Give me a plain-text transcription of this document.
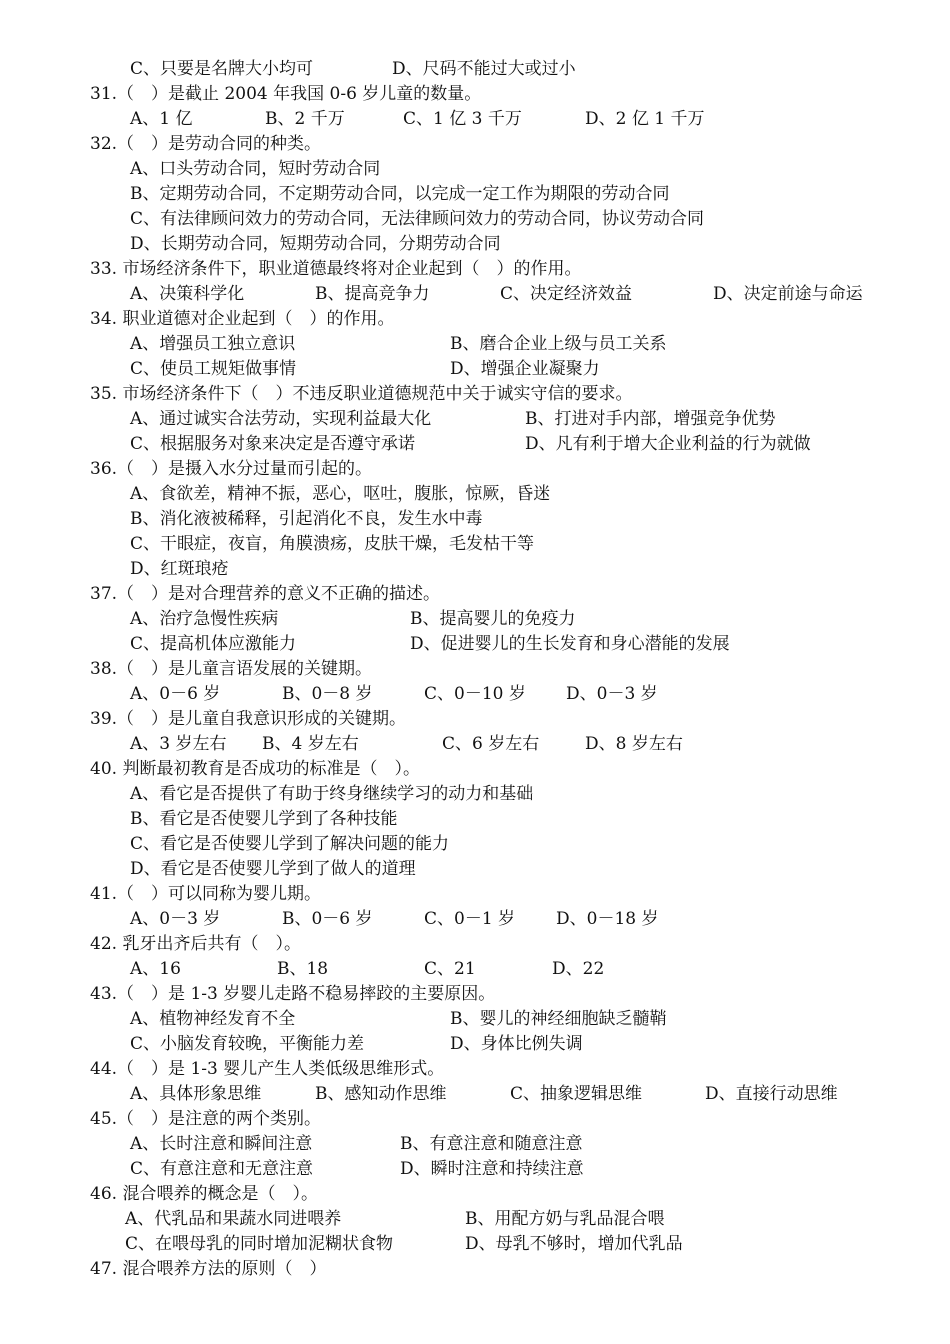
C、只要是名牌大小均可	D、尺码不能过大或过小
31.（　）是截止 2004 年我国 0-6 岁儿童的数量。
A、1 亿	B、2 千万	C、1 亿 3 千万	D、2 亿 1 千万
32.（　）是劳动合同的种类。
A、口头劳动合同，短时劳动合同
B、定期劳动合同，不定期劳动合同，以完成一定工作为期限的劳动合同
C、有法律顾问效力的劳动合同，无法律顾问效力的劳动合同，协议劳动合同
D、长期劳动合同，短期劳动合同，分期劳动合同
33. 市场经济条件下，职业道德最终将对企业起到（　）的作用。
A、决策科学化	B、提高竞争力	C、决定经济效益	D、决定前途与命运
34. 职业道德对企业起到（　）的作用。
A、增强员工独立意识	B、磨合企业上级与员工关系
C、使员工规矩做事情	D、增强企业凝聚力
35. 市场经济条件下（　）不违反职业道德规范中关于诚实守信的要求。
A、通过诚实合法劳动，实现利益最大化	B、打进对手内部，增强竞争优势
C、根据服务对象来决定是否遵守承诺	D、凡有利于增大企业利益的行为就做
36.（　）是摄入水分过量而引起的。
A、食欲差，精神不振，恶心，呕吐，腹胀，惊厥，昏迷
B、消化液被稀释，引起消化不良，发生水中毒
C、干眼症，夜盲，角膜溃疡，皮肤干燥，毛发枯干等
D、红斑琅疮
37.（　）是对合理营养的意义不正确的描述。
A、治疗急慢性疾病	B、提高婴儿的免疫力
C、提高机体应激能力	D、促进婴儿的生长发育和身心潜能的发展
38.（　）是儿童言语发展的关键期。
A、0－6 岁	B、0－8 岁	C、0－10 岁 D、0－3 岁
39.（　）是儿童自我意识形成的关键期。
A、3 岁左右 B、4 岁左右	C、6 岁左右	D、8 岁左右
40. 判断最初教育是否成功的标准是（　）。
A、看它是否提供了有助于终身继续学习的动力和基础
B、看它是否使婴儿学到了各种技能
C、看它是否使婴儿学到了解决问题的能力
D、看它是否使婴儿学到了做人的道理
41.（　）可以同称为婴儿期。
A、0－3 岁	B、0－6 岁	C、0－1 岁 D、0－18 岁
42. 乳牙出齐后共有（　）。
A、16	B、18	C、21	D、22
43.（　）是 1-3 岁婴儿走路不稳易摔跤的主要原因。
A、植物神经发育不全	B、婴儿的神经细胞缺乏髓鞘
C、小脑发育较晚，平衡能力差	D、身体比例失调
44.（　）是 1-3 婴儿产生人类低级思维形式。
A、具体形象思维	B、感知动作思维	C、抽象逻辑思维	D、直接行动思维
45.（　）是注意的两个类别。
A、长时注意和瞬间注意	B、有意注意和随意注意
C、有意注意和无意注意	D、瞬时注意和持续注意
46. 混合喂养的概念是（　）。
A、代乳品和果蔬水同进喂养	B、用配方奶与乳品混合喂
C、在喂母乳的同时增加泥糊状食物	D、母乳不够时，增加代乳品
47. 混合喂养方法的原则（　）
